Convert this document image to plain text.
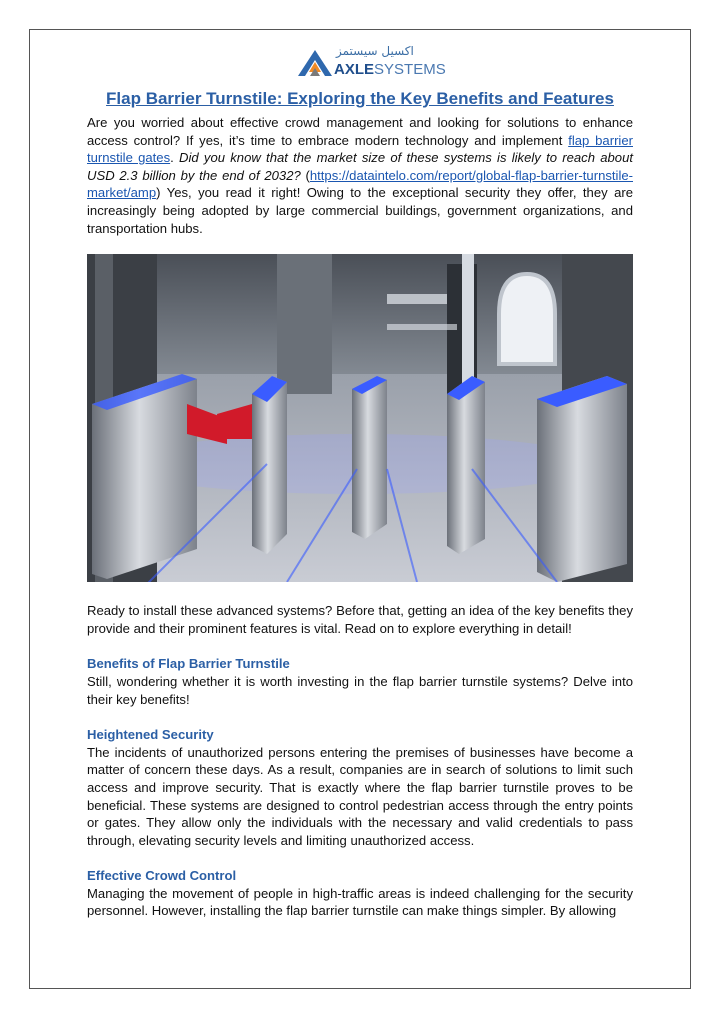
اكسيل سيستمز
AXLESYSTEMS
Flap Barrier Turnstile: Exploring the Key Benefits and Features

Are you worried about effective crowd management and looking for solutions to enhance access control? If yes, it’s time to embrace modern technology and implement flap barrier turnstile gates. Did you know that the market size of these systems is likely to reach about USD 2.3 billion by the end of 2032? (https://dataintelo.com/report/global-flap-barrier-turnstile-market/amp) Yes, you read it right! Owing to the exceptional security they offer, they are increasingly being adopted by large commercial buildings, government organizations, and transportation hubs.

Ready to install these advanced systems? Before that, getting an idea of the key benefits they provide and their prominent features is vital. Read on to explore everything in detail!

Benefits of Flap Barrier Turnstile

Still, wondering whether it is worth investing in the flap barrier turnstile systems? Delve into their key benefits!

Heightened Security

The incidents of unauthorized persons entering the premises of businesses have become a matter of concern these days. As a result, companies are in search of solutions to limit such access and improve security. That is exactly where the flap barrier turnstile proves to be beneficial. These systems are designed to control pedestrian access through the entry points or gates. They allow only the individuals with the necessary and valid credentials to pass through, elevating security levels and limiting unauthorized access.

Effective Crowd Control

Managing the movement of people in high-traffic areas is indeed challenging for the security personnel. However, installing the flap barrier turnstile can make things simpler. By allowing
